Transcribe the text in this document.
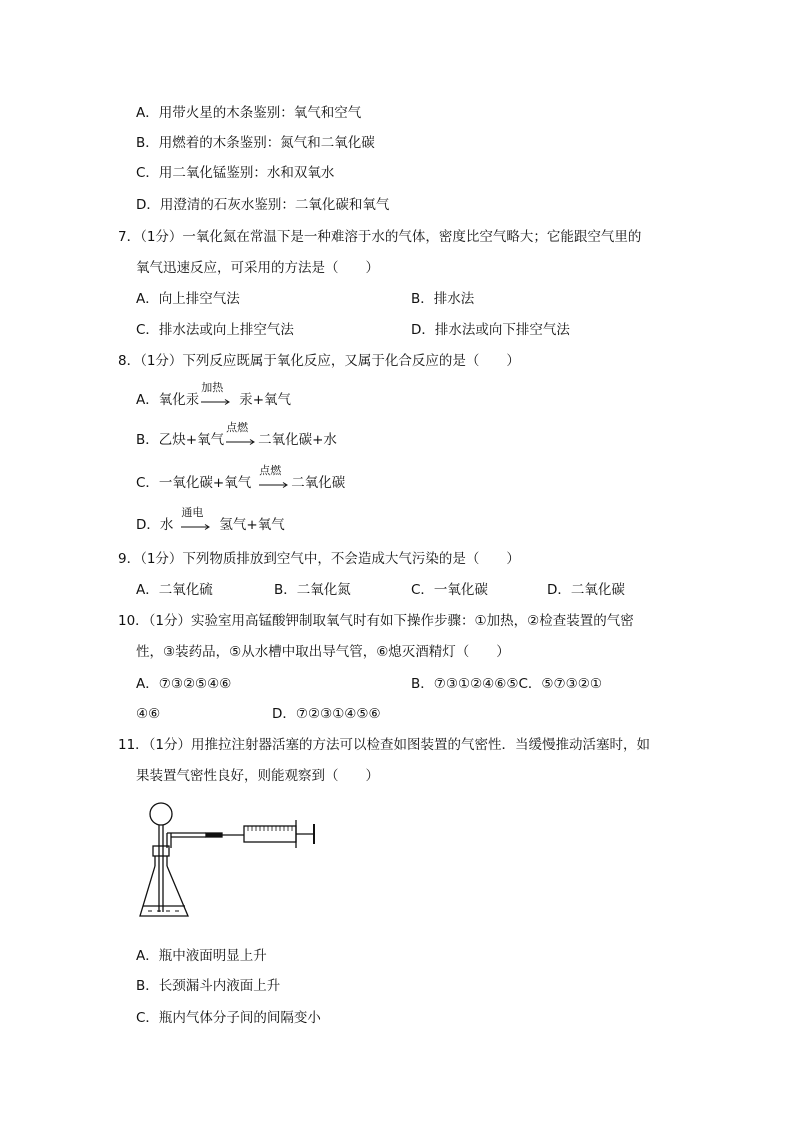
A．用带火星的木条鉴别：氧气和空气
B．用燃着的木条鉴别：氮气和二氧化碳
C．用二氧化锰鉴别：水和双氧水
D．用澄清的石灰水鉴别：二氧化碳和氧气
7．（1分）一氧化氮在常温下是一种难溶于水的气体，密度比空气略大；它能跟空气里的
氧气迅速反应，可采用的方法是（　　）
A．向上排空气法	B．排水法
C．排水法或向上排空气法	D．排水法或向下排空气法
8．（1分）下列反应既属于氧化反应，又属于化合反应的是（　　）
A．氧化汞
加热
汞+氧气
B．乙炔+氧气
点燃
二氧化碳+水
C．一氧化碳+氧气
点燃
二氧化碳
D．水
通电
氢气+氧气
9．（1分）下列物质排放到空气中，不会造成大气污染的是（　　）
A．二氧化硫	B．二氧化氮	C．一氧化碳	D．二氧化碳
10．（1分）实验室用高锰酸钾制取氧气时有如下操作步骤：①加热，②检查装置的气密
性，③装药品，⑤从水槽中取出导气管，⑥熄灭酒精灯（　　）
A．⑦③②⑤④⑥	B．⑦③①②④⑥⑤C．⑤⑦③②①
④⑥	D．⑦②③①④⑤⑥
11．（1分）用推拉注射器活塞的方法可以检查如图装置的气密性．当缓慢推动活塞时，如
果装置气密性良好，则能观察到（　　）
A．瓶中液面明显上升
B．长颈漏斗内液面上升
C．瓶内气体分子间的间隔变小
